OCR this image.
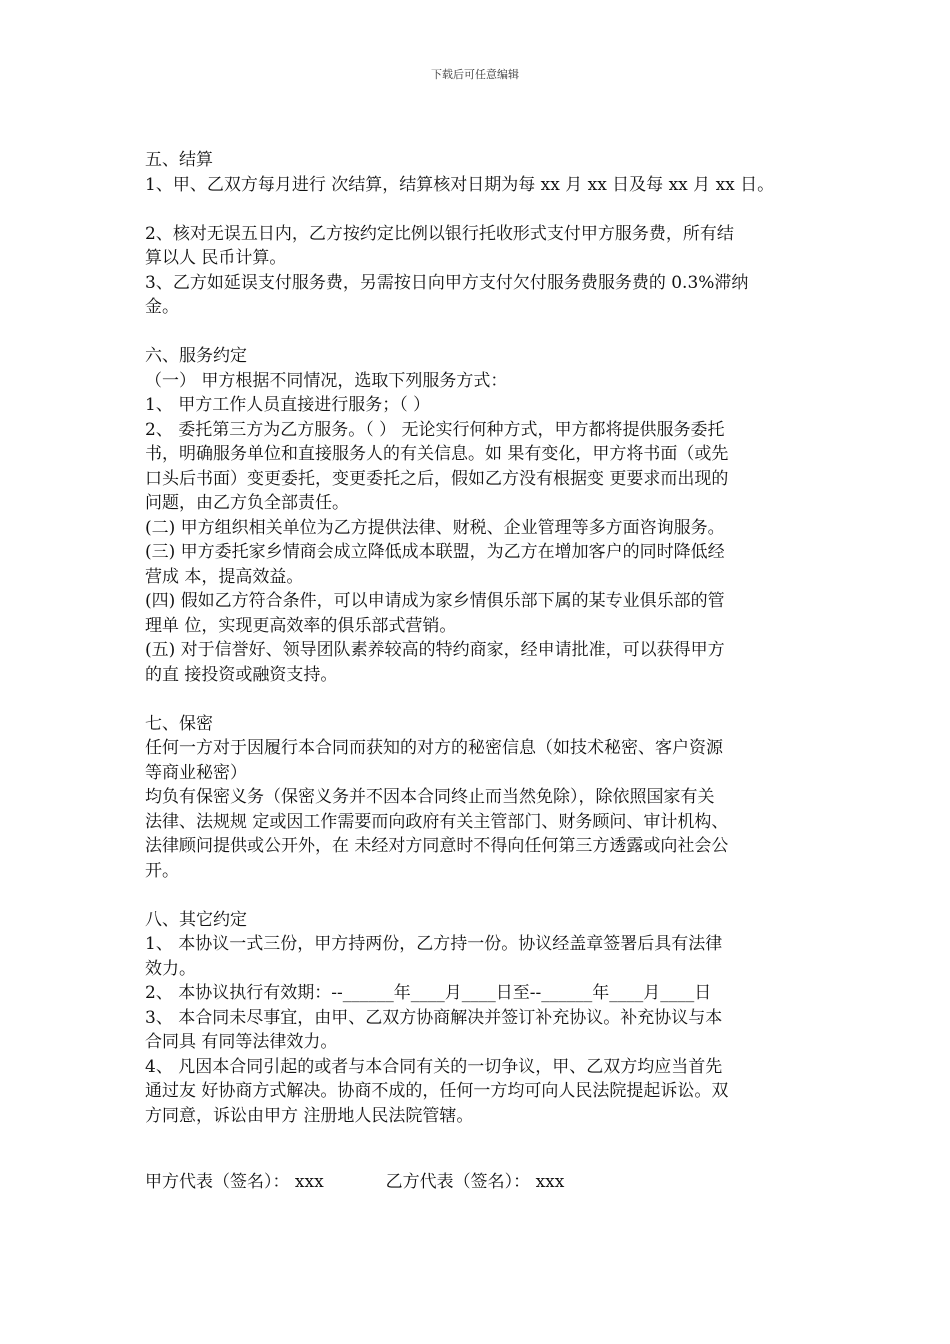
下载后可任意编辑
五、结算
1、甲、乙双方每月进行 次结算，结算核对日期为每 xx 月 xx 日及每 xx 月 xx 日。
2、核对无误五日内，乙方按约定比例以银行托收形式支付甲方服务费，所有结
算以人 民币计算。
3、乙方如延误支付服务费，另需按日向甲方支付欠付服务费服务费的 0.3%滞纳
金。
六、服务约定
（一） 甲方根据不同情况，选取下列服务方式：
1、 甲方工作人员直接进行服务；（ ）
2、 委托第三方为乙方服务。（ ） 无论实行何种方式，甲方都将提供服务委托
书，明确服务单位和直接服务人的有关信息。如 果有变化，甲方将书面（或先
口头后书面）变更委托，变更委托之后，假如乙方没有根据变 更要求而出现的
问题，由乙方负全部责任。
(二) 甲方组织相关单位为乙方提供法律、财税、企业管理等多方面咨询服务。
(三) 甲方委托家乡情商会成立降低成本联盟，为乙方在增加客户的同时降低经
营成 本，提高效益。
(四) 假如乙方符合条件，可以申请成为家乡情俱乐部下属的某专业俱乐部的管
理单 位，实现更高效率的俱乐部式营销。
(五) 对于信誉好、领导团队素养较高的特约商家，经申请批准，可以获得甲方
的直 接投资或融资支持。
七、保密
任何一方对于因履行本合同而获知的对方的秘密信息（如技术秘密、客户资源
等商业秘密）
均负有保密义务（保密义务并不因本合同终止而当然免除），除依照国家有关
法律、法规规 定或因工作需要而向政府有关主管部门、财务顾问、审计机构、
法律顾问提供或公开外，在 未经对方同意时不得向任何第三方透露或向社会公
开。
八、其它约定
1、 本协议一式三份，甲方持两份，乙方持一份。协议经盖章签署后具有法律
效力。
2、 本协议执行有效期：--______年____月____日至--______年____月____日
3、 本合同未尽事宜，由甲、乙双方协商解决并签订补充协议。补充协议与本
合同具 有同等法律效力。
4、 凡因本合同引起的或者与本合同有关的一切争议，甲、乙双方均应当首先
通过友 好协商方式解决。协商不成的，任何一方均可向人民法院提起诉讼。双
方同意，诉讼由甲方 注册地人民法院管辖。
甲方代表（签名）： xxx	乙方代表（签名）： xxx
